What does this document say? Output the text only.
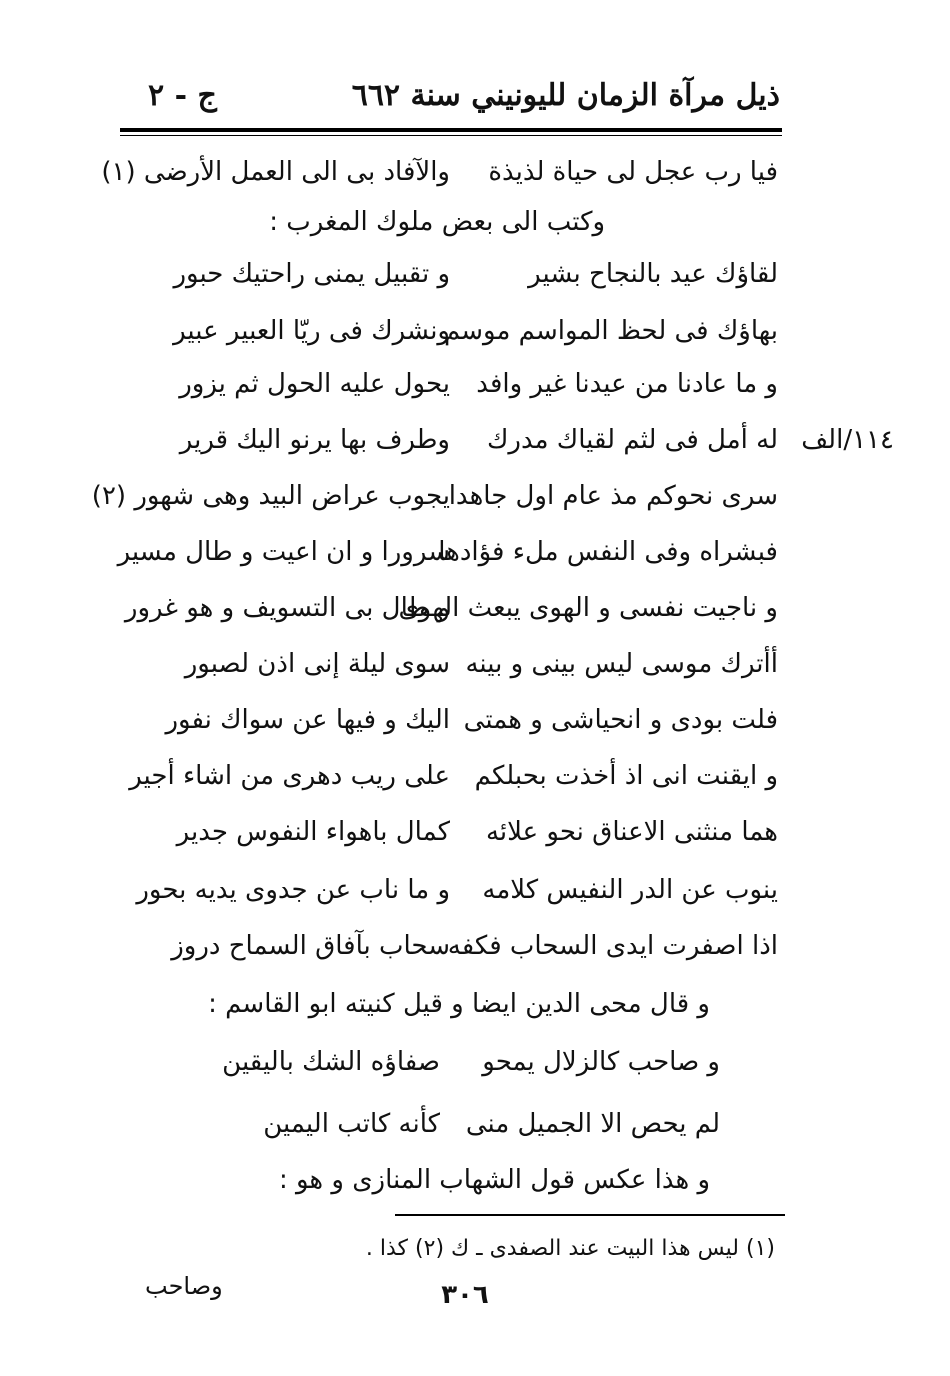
ذيل مرآة الزمان لليونيني سنة ٦٦٢
ج - ٢
فيا رب عجل لى حياة لذيذة
والآفاد بى الى العمل الأرضى (١)
وكتب الى بعض ملوك المغرب :
لقاؤك عيد بالنجاح بشير
و تقبيل يمنى راحتيك حبور
بهاؤك فى لحظ المواسم موسم
ونشرك فى ريّا العبير عبير
و ما عادنا من عيدنا غير وافد
يحول عليه الحول ثم يزور
له أمل فى لثم لقياك مدرك
وطرف بها يرنو اليك قرير
سرى نحوكم مذ عام اول جاهدا
يجوب عراض البيد وهى شهور (٢)
فبشراه وفى النفس ملء فؤادها
سرورا و ان اعيت و طال مسير
و ناجيت نفسى و الهوى يبعث الهوى
و طال بى التسويف و هو غرور
أأترك موسى ليس بينى و بينه
سوى ليلة إنى اذن لصبور
فلت بودى و انحياشى و همتى
اليك و فيها عن سواك نفور
و ايقنت انى اذ أخذت بحبلكم
على ريب دهرى من اشاء أجير
هما منثنى الاعناق نحو علائه
كمال باهواء النفوس جدير
ينوب عن الدر النفيس كلامه
و ما ناب عن جدوى يديه بحور
اذا اصفرت ايدى السحاب فكفه
سحاب بآفاق السماح دروز
و قال محى الدين ايضا و قيل كنيته ابو القاسم :
و صاحب كالزلال يمحو
صفاؤه الشك باليقين
لم يحص الا الجميل منى
كأنه كاتب اليمين
و هذا عكس قول الشهاب المنازى و هو :
١١٤/الف
(١) ليس هذا البيت عند الصفدى ـ ك (٢) كذا .
٣٠٦
وصاحب
